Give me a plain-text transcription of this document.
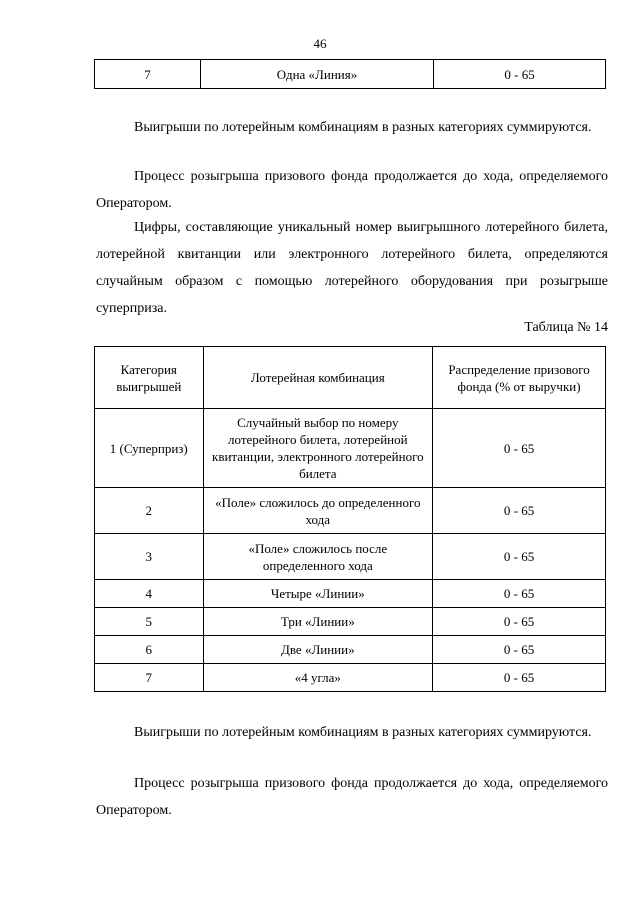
46
7	Одна «Линия»	0 - 65

Выигрыши по лотерейным комбинациям в разных категориях суммируются.

Процесс розыгрыша призового фонда продолжается до хода, определяемого Оператором.

Цифры, составляющие уникальный номер выигрышного лотерейного билета, лотерейной квитанции или электронного лотерейного билета, определяются случайным образом с помощью лотерейного оборудования при розыгрыше суперприза.

Таблица № 14
Категория выигрышей	Лотерейная комбинация	Распределение призового фонда (% от выручки)
1 (Суперприз)	Случайный выбор по номеру лотерейного билета, лотерейной квитанции, электронного лотерейного билета	0 - 65
2	«Поле» сложилось до определенного хода	0 - 65
3	«Поле» сложилось после определенного хода	0 - 65
4	Четыре «Линии»	0 - 65
5	Три «Линии»	0 - 65
6	Две «Линии»	0 - 65
7	«4 угла»	0 - 65

Выигрыши по лотерейным комбинациям в разных категориях суммируются.

Процесс розыгрыша призового фонда продолжается до хода, определяемого Оператором.
